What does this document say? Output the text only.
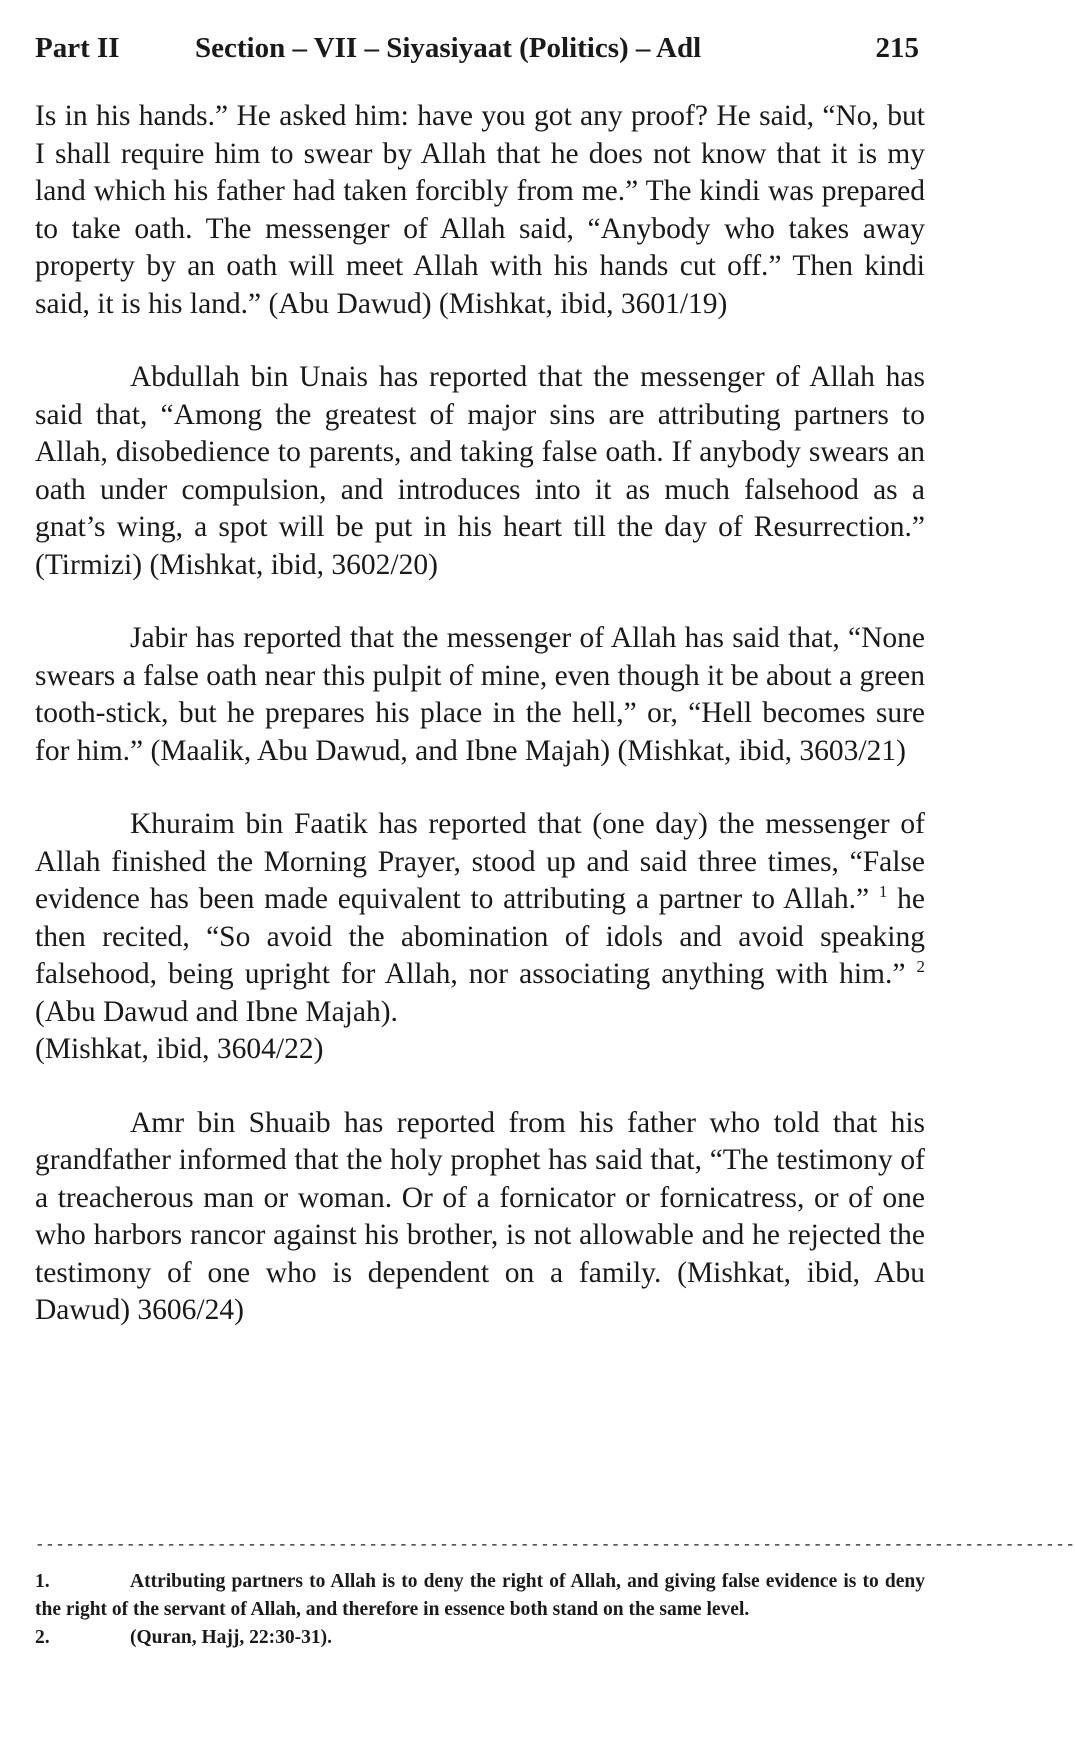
Part II	Section – VII – Siyasiyaat (Politics) – Adl	215

Is in his hands.” He asked him: have you got any proof? He said, “No, but I shall require him to swear by Allah that he does not know that it is my land which his father had taken forcibly from me.” The kindi was prepared to take oath. The messenger of Allah said, “Anybody who takes away property by an oath will meet Allah with his hands cut off.” Then kindi said, it is his land.” (Abu Dawud) (Mishkat, ibid, 3601/19)

Abdullah bin Unais has reported that the messenger of Allah has said that, “Among the greatest of major sins are attributing partners to Allah, disobedience to parents, and taking false oath. If anybody swears an oath under compulsion, and introduces into it as much falsehood as a gnat’s wing, a spot will be put in his heart till the day of Resurrection.” (Tirmizi) (Mishkat, ibid, 3602/20)

Jabir has reported that the messenger of Allah has said that, “None swears a false oath near this pulpit of mine, even though it be about a green tooth-stick, but he prepares his place in the hell,” or, “Hell becomes sure for him.” (Maalik, Abu Dawud, and Ibne Majah) (Mishkat, ibid, 3603/21)

Khuraim bin Faatik has reported that (one day) the messenger of Allah finished the Morning Prayer, stood up and said three times, “False evidence has been made equivalent to attributing a partner to Allah.” $^1$ he then recited, “So avoid the abomination of idols and avoid speaking falsehood, being upright for Allah, nor associating anything with him.” $^2$ (Abu Dawud and Ibne Majah).

(Mishkat, ibid, 3604/22)

Amr bin Shuaib has reported from his father who told that his grandfather informed that the holy prophet has said that, “The testimony of a treacherous man or woman. Or of a fornicator or fornicatress, or of one who harbors rancor against his brother, is not allowable and he rejected the testimony of one who is dependent on a family. (Mishkat, ibid, Abu Dawud) 3606/24)

-------------------------------------------------------------------------------------------------------

1.	Attributing partners to Allah is to deny the right of Allah, and giving false evidence is to deny the right of the servant of Allah, and therefore in essence both stand on the same level.

2.	(Quran, Hajj, 22:30-31).
